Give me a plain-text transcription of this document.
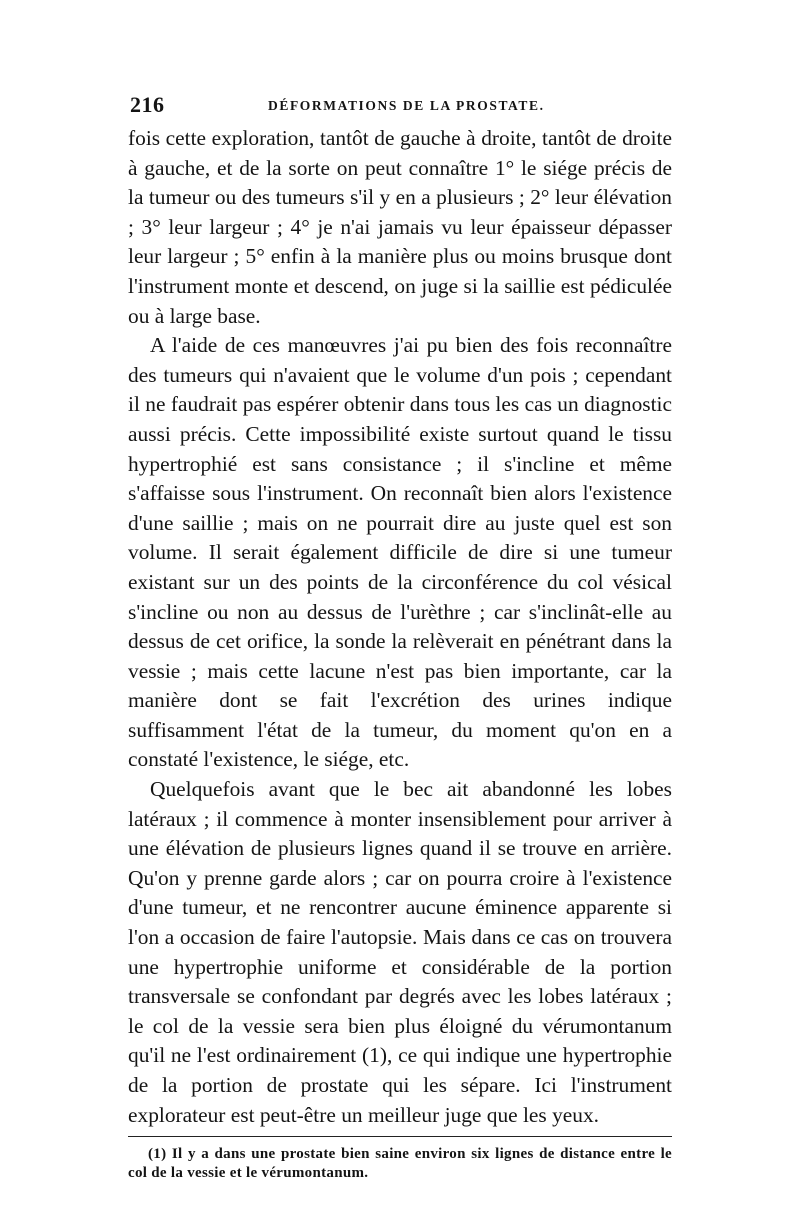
216	DÉFORMATIONS DE LA PROSTATE.

fois cette exploration, tantôt de gauche à droite, tantôt de droite à gauche, et de la sorte on peut connaître 1° le siége précis de la tumeur ou des tumeurs s'il y en a plusieurs ; 2° leur élévation ; 3° leur largeur ; 4° je n'ai jamais vu leur épaisseur dépasser leur largeur ; 5° enfin à la manière plus ou moins brusque dont l'instrument monte et descend, on juge si la saillie est pédiculée ou à large base.

A l'aide de ces manœuvres j'ai pu bien des fois reconnaître des tumeurs qui n'avaient que le volume d'un pois ; cependant il ne faudrait pas espérer obtenir dans tous les cas un diagnostic aussi précis. Cette impossibilité existe surtout quand le tissu hypertrophié est sans consistance ; il s'incline et même s'affaisse sous l'instrument. On reconnaît bien alors l'existence d'une saillie ; mais on ne pourrait dire au juste quel est son volume. Il serait également difficile de dire si une tumeur existant sur un des points de la circonférence du col vésical s'incline ou non au dessus de l'urèthre ; car s'inclinât-elle au dessus de cet orifice, la sonde la relèverait en pénétrant dans la vessie ; mais cette lacune n'est pas bien importante, car la manière dont se fait l'excrétion des urines indique suffisamment l'état de la tumeur, du moment qu'on en a constaté l'existence, le siége, etc.

Quelquefois avant que le bec ait abandonné les lobes latéraux ; il commence à monter insensiblement pour arriver à une élévation de plusieurs lignes quand il se trouve en arrière. Qu'on y prenne garde alors ; car on pourra croire à l'existence d'une tumeur, et ne rencontrer aucune éminence apparente si l'on a occasion de faire l'autopsie. Mais dans ce cas on trouvera une hypertrophie uniforme et considérable de la portion transversale se confondant par degrés avec les lobes latéraux ; le col de la vessie sera bien plus éloigné du vérumontanum qu'il ne l'est ordinairement (1), ce qui indique une hypertrophie de la portion de prostate qui les sépare. Ici l'instrument explorateur est peut-être un meilleur juge que les yeux.

(1) Il y a dans une prostate bien saine environ six lignes de distance entre le col de la vessie et le vérumontanum.
